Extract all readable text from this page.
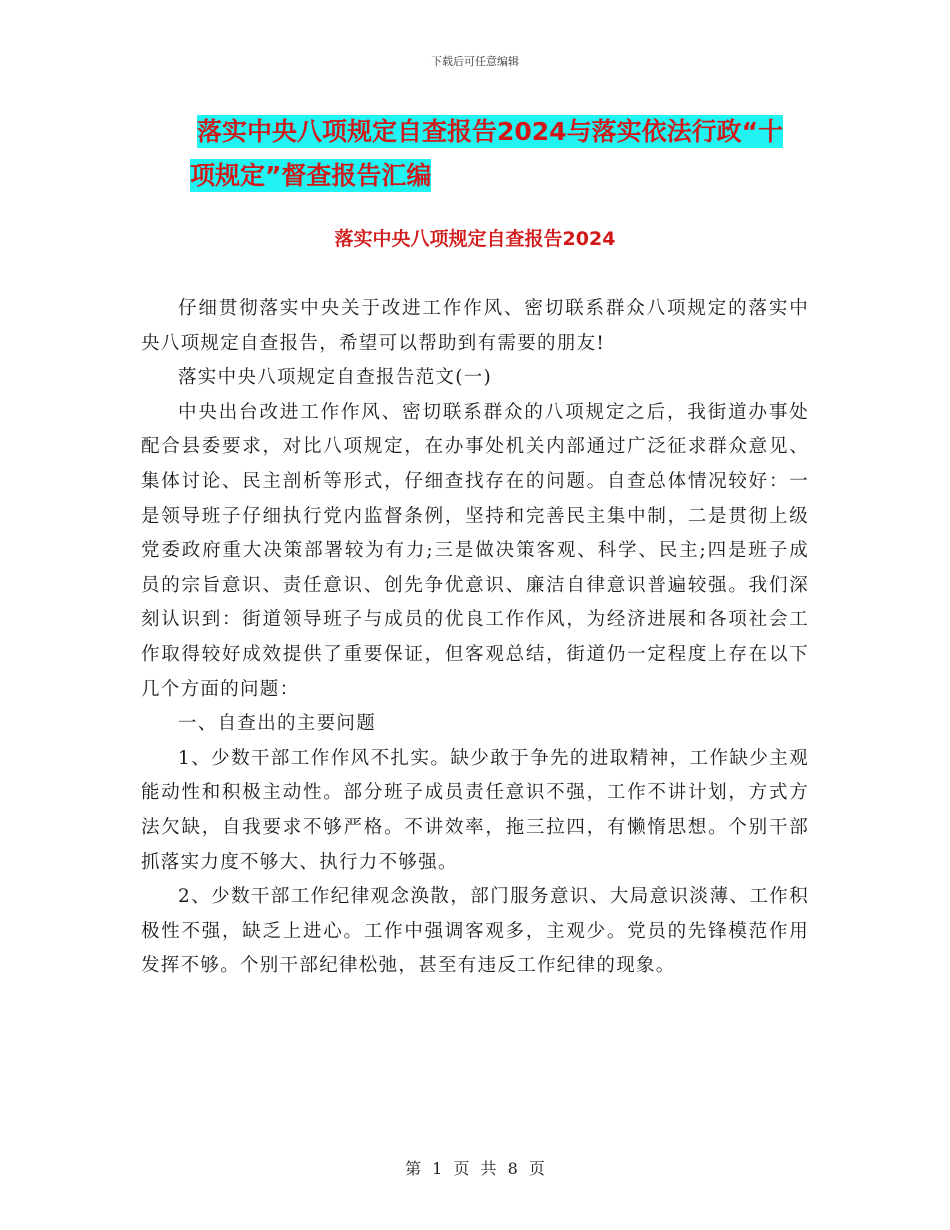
下载后可任意编辑
落实中央八项规定自查报告2024与落实依法行政“十
项规定”督查报告汇编
落实中央八项规定自查报告2024

仔细贯彻落实中央关于改进工作作风、密切联系群众八项规定的落实中央八项规定自查报告，希望可以帮助到有需要的朋友!

落实中央八项规定自查报告范文(一)

中央出台改进工作作风、密切联系群众的八项规定之后，我街道办事处配合县委要求，对比八项规定，在办事处机关内部通过广泛征求群众意见、集体讨论、民主剖析等形式，仔细查找存在的问题。自查总体情况较好：一是领导班子仔细执行党内监督条例，坚持和完善民主集中制，二是贯彻上级党委政府重大决策部署较为有力;三是做决策客观、科学、民主;四是班子成员的宗旨意识、责任意识、创先争优意识、廉洁自律意识普遍较强。我们深刻认识到：街道领导班子与成员的优良工作作风，为经济进展和各项社会工作取得较好成效提供了重要保证，但客观总结，街道仍一定程度上存在以下几个方面的问题：

一、自查出的主要问题

1、少数干部工作作风不扎实。缺少敢于争先的进取精神，工作缺少主观能动性和积极主动性。部分班子成员责任意识不强，工作不讲计划，方式方法欠缺，自我要求不够严格。不讲效率，拖三拉四，有懒惰思想。个别干部抓落实力度不够大、执行力不够强。

2、少数干部工作纪律观念涣散，部门服务意识、大局意识淡薄、工作积极性不强，缺乏上进心。工作中强调客观多，主观少。党员的先锋模范作用发挥不够。个别干部纪律松弛，甚至有违反工作纪律的现象。

第 1 页 共 8 页
